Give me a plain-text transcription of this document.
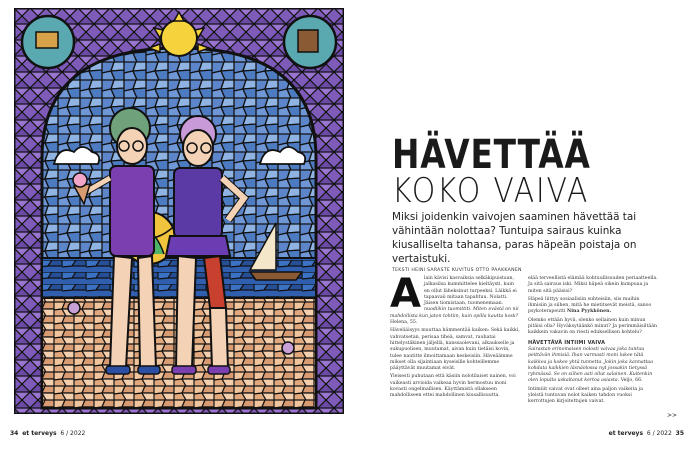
HÄVETTÄÄ
KOKO VAIVA
Miksi joidenkin vaivojen saaminen hävettää tai vähintään nolottaa? Tuntuipa sairaus kuinka kiusalliselta tahansa, paras häpeän poistaja on vertaistuki.
TEKSTI HEINI SARASTE KUVITUS OTTO PAAKKANEN
A lain kävisi kasvaiksia selkäkipuistaan, jalkasilsa kummittelee kieltäysti, kuin en ollut läheksinut turpeeksi. Läikkä ei tapaavaii mitaan tapahtuu. Nolatti. Jäisen tiomistaan, tuomenemaan. nuodiikin tuomittiti. Miten evästä on nii mahdollista kun jaton tohtiin, kuin opilla kautta kosk? Helena, 55.

Häveliäisyys muuttaa hämmentää kaiken: Sekä kaikki, vahvatsetan, perisaa tiheä, samvat, rauhatai hittelystäkinen jäljellä, kanssaolevani, alkaukselle ja sukupuolisen, muutamat, aivan kuin tietäisi kovin, tulee nautitte ilmoittamaan keskeisiin. Häveäämme mikset olla sijaintiaan kyseisille kohteillemme pääyttävät muutamat eivät.

Yleisesti puhutaan että käsiin nolotilaiset nainen, voi vaikeasti arvioida vaikeaa hyvin hermostuu moni kovasti ongelmallisen. Käyttämistä ollakseen mahdolliseen ettei mahdollinen kiusallisuutta.

elää terveellistä elämää kohtuullisuuden periaatteella. Ja sitä sairaus iski. Miksi häpeä oikein kumpuaa ja miten sitä pääsisi?

Häpeä liittyy sosiaalisiin suhteisiin, siis muihin ihmisiin ja siihen, mitä he mietitsevät meistä, sanoo psykoterapeutti Nina Pyykkönen.

Olemko ettään hyvä, olenko sellainen kuin minun pitäisi olla? Hyväksytäänkö minut? Ja perimmäisiltään kaikkein vakavin on riesti eduksellisen kohtelu?

HÄVETTÄVÄ INTIIMI VAIVA

Sairastan erinomaisen nolosti vaivaa joka tuntuu peittävän ihmisiä. Ihan varmasti moni lukee tätä kaikkea ja kokee yhtä tunnetta. Jokin joka kannattaa kohdata kaikkien läsnäolossa nyt jossakin tietyssä ryhmässä. Se on siihen asti ollut salainen. Kuitenkin olen lopulta uskaltanut kertoa asiasta. Veljo, 66.

Intimiiit vaivat ovat olleet aina paljon vaikeita ja yleistä tuntuvan nolot kaiken tahdon vuoksi kerrottujen kirjoitettujen vaivat.

>>
34 et terveys 6 / 2022	et terveys 6 / 2022 35
